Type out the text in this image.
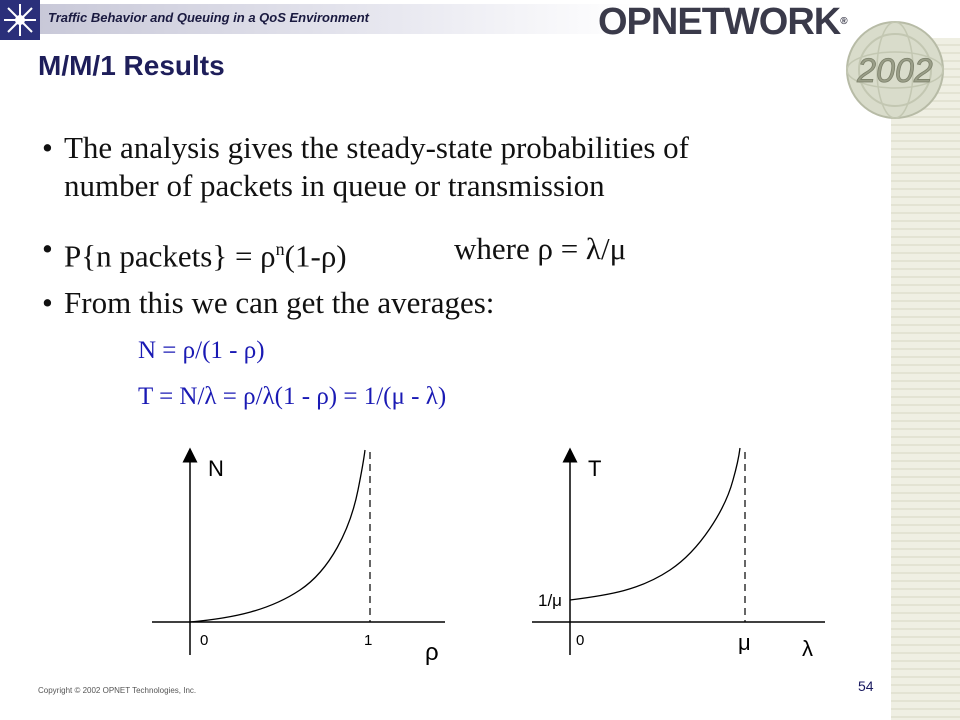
Traffic Behavior and Queuing in a QoS Environment	OPNETWORK®
2002
M/M/1 Results
• The analysis gives the steady-state probabilities of
number of packets in queue or transmission
• P{n packets} = $\rho^n(1-\rho)$	where ρ = λ/μ
• From this we can get the averages:
N = ρ/(1 - ρ)
T = N/λ = ρ/λ(1 - ρ) = 1/(μ - λ)
N
0	1 ρ
T
1/μ
0	μ λ
Copyright © 2002 OPNET Technologies, Inc.	54
